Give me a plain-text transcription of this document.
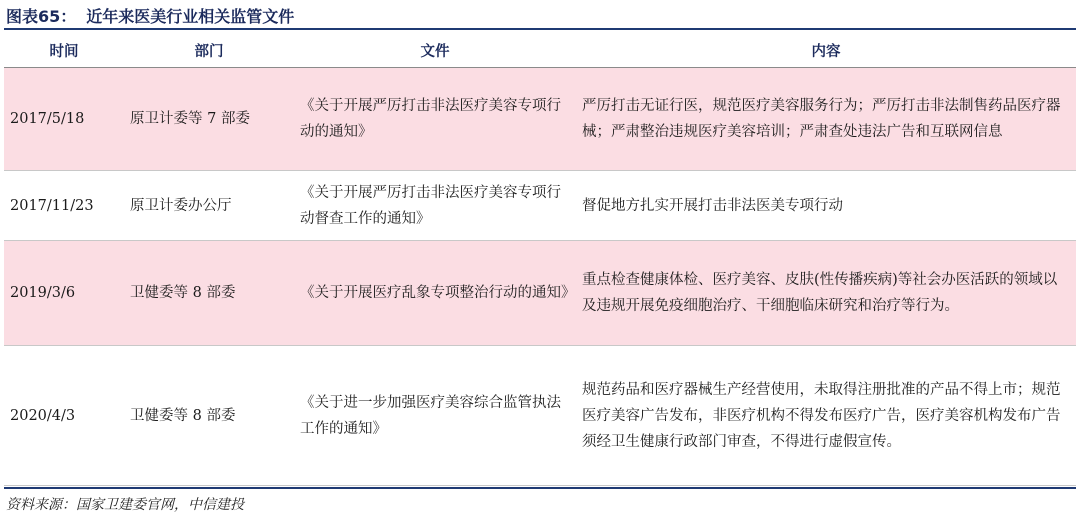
图表65： 近年来医美行业相关监管文件
时间	部门	文件	内容
2017/5/18	原卫计委等 7 部委	《关于开展严厉打击非法医疗美容专项行动的通知》	严厉打击无证行医，规范医疗美容服务行为；严厉打击非法制售药品医疗器械；严肃整治违规医疗美容培训；严肃查处违法广告和互联网信息
2017/11/23	原卫计委办公厅	《关于开展严厉打击非法医疗美容专项行动督查工作的通知》	督促地方扎实开展打击非法医美专项行动
2019/3/6	卫健委等 8 部委	《关于开展医疗乱象专项整治行动的通知》	重点检查健康体检、医疗美容、皮肤(性传播疾病)等社会办医活跃的领域以及违规开展免疫细胞治疗、干细胞临床研究和治疗等行为。
2020/4/3	卫健委等 8 部委	《关于进一步加强医疗美容综合监管执法工作的通知》	规范药品和医疗器械生产经营使用，未取得注册批准的产品不得上市；规范医疗美容广告发布，非医疗机构不得发布医疗广告，医疗美容机构发布广告须经卫生健康行政部门审查，不得进行虚假宣传。
资料来源：国家卫建委官网，中信建投
